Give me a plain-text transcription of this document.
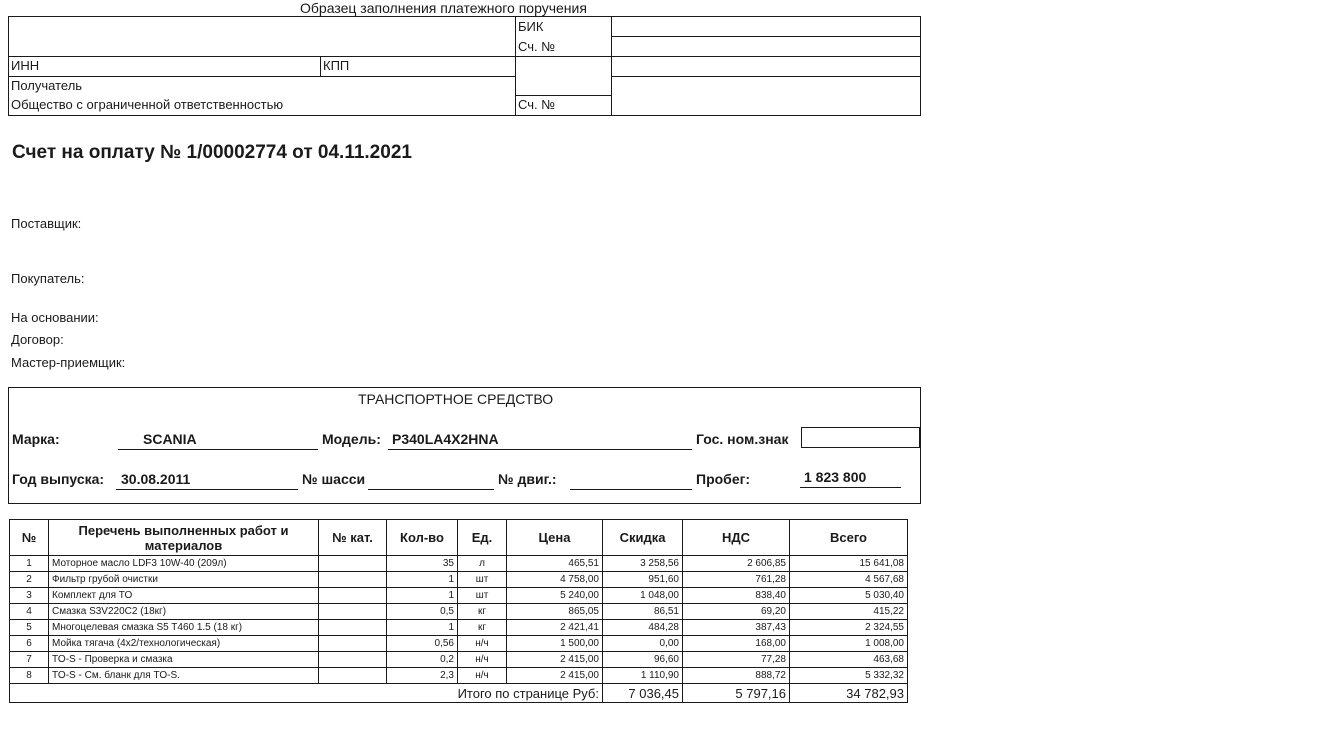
Образец заполнения платежного поручения
БИК
Сч. №
ИНН	КПП
Получатель
Общество с ограниченной ответственностью	Сч. №
Счет на оплату № 1/00002774 от 04.11.2021
Поставщик:
Покупатель:
На основании:
Договор:
Мастер-приемщик:
ТРАНСПОРТНОЕ СРЕДСТВО
Марка:	SCANIA	Модель: P340LA4X2HNA	Гос. ном.знак
Год выпуска: 30.08.2011	№ шасси	№ двиг.:	Пробег:	1 823 800
№	Перечень выполненных работ и материалов	№ кат.	Кол-во	Ед.	Цена	Скидка	НДС	Всего
1	Моторное масло LDF3 10W-40 (209л)		35	л	465,51	3 258,56	2 606,85	15 641,08
2	Фильтр грубой очистки		1	шт	4 758,00	951,60	761,28	4 567,68
3	Комплект для ТО		1	шт	5 240,00	1 048,00	838,40	5 030,40
4	Смазка S3V220C2 (18кг)		0,5	кг	865,05	86,51	69,20	415,22
5	Многоцелевая смазка S5 T460 1.5 (18 кг)		1	кг	2 421,41	484,28	387,43	2 324,55
6	Мойка тягача (4x2/технологическая)		0,56	н/ч	1 500,00	0,00	168,00	1 008,00
7	TO-S - Проверка и смазка		0,2	н/ч	2 415,00	96,60	77,28	463,68
8	TO-S - См. бланк для TO-S.		2,3	н/ч	2 415,00	1 110,90	888,72	5 332,32
Итого по странице Руб:						7 036,45	5 797,16	34 782,93
